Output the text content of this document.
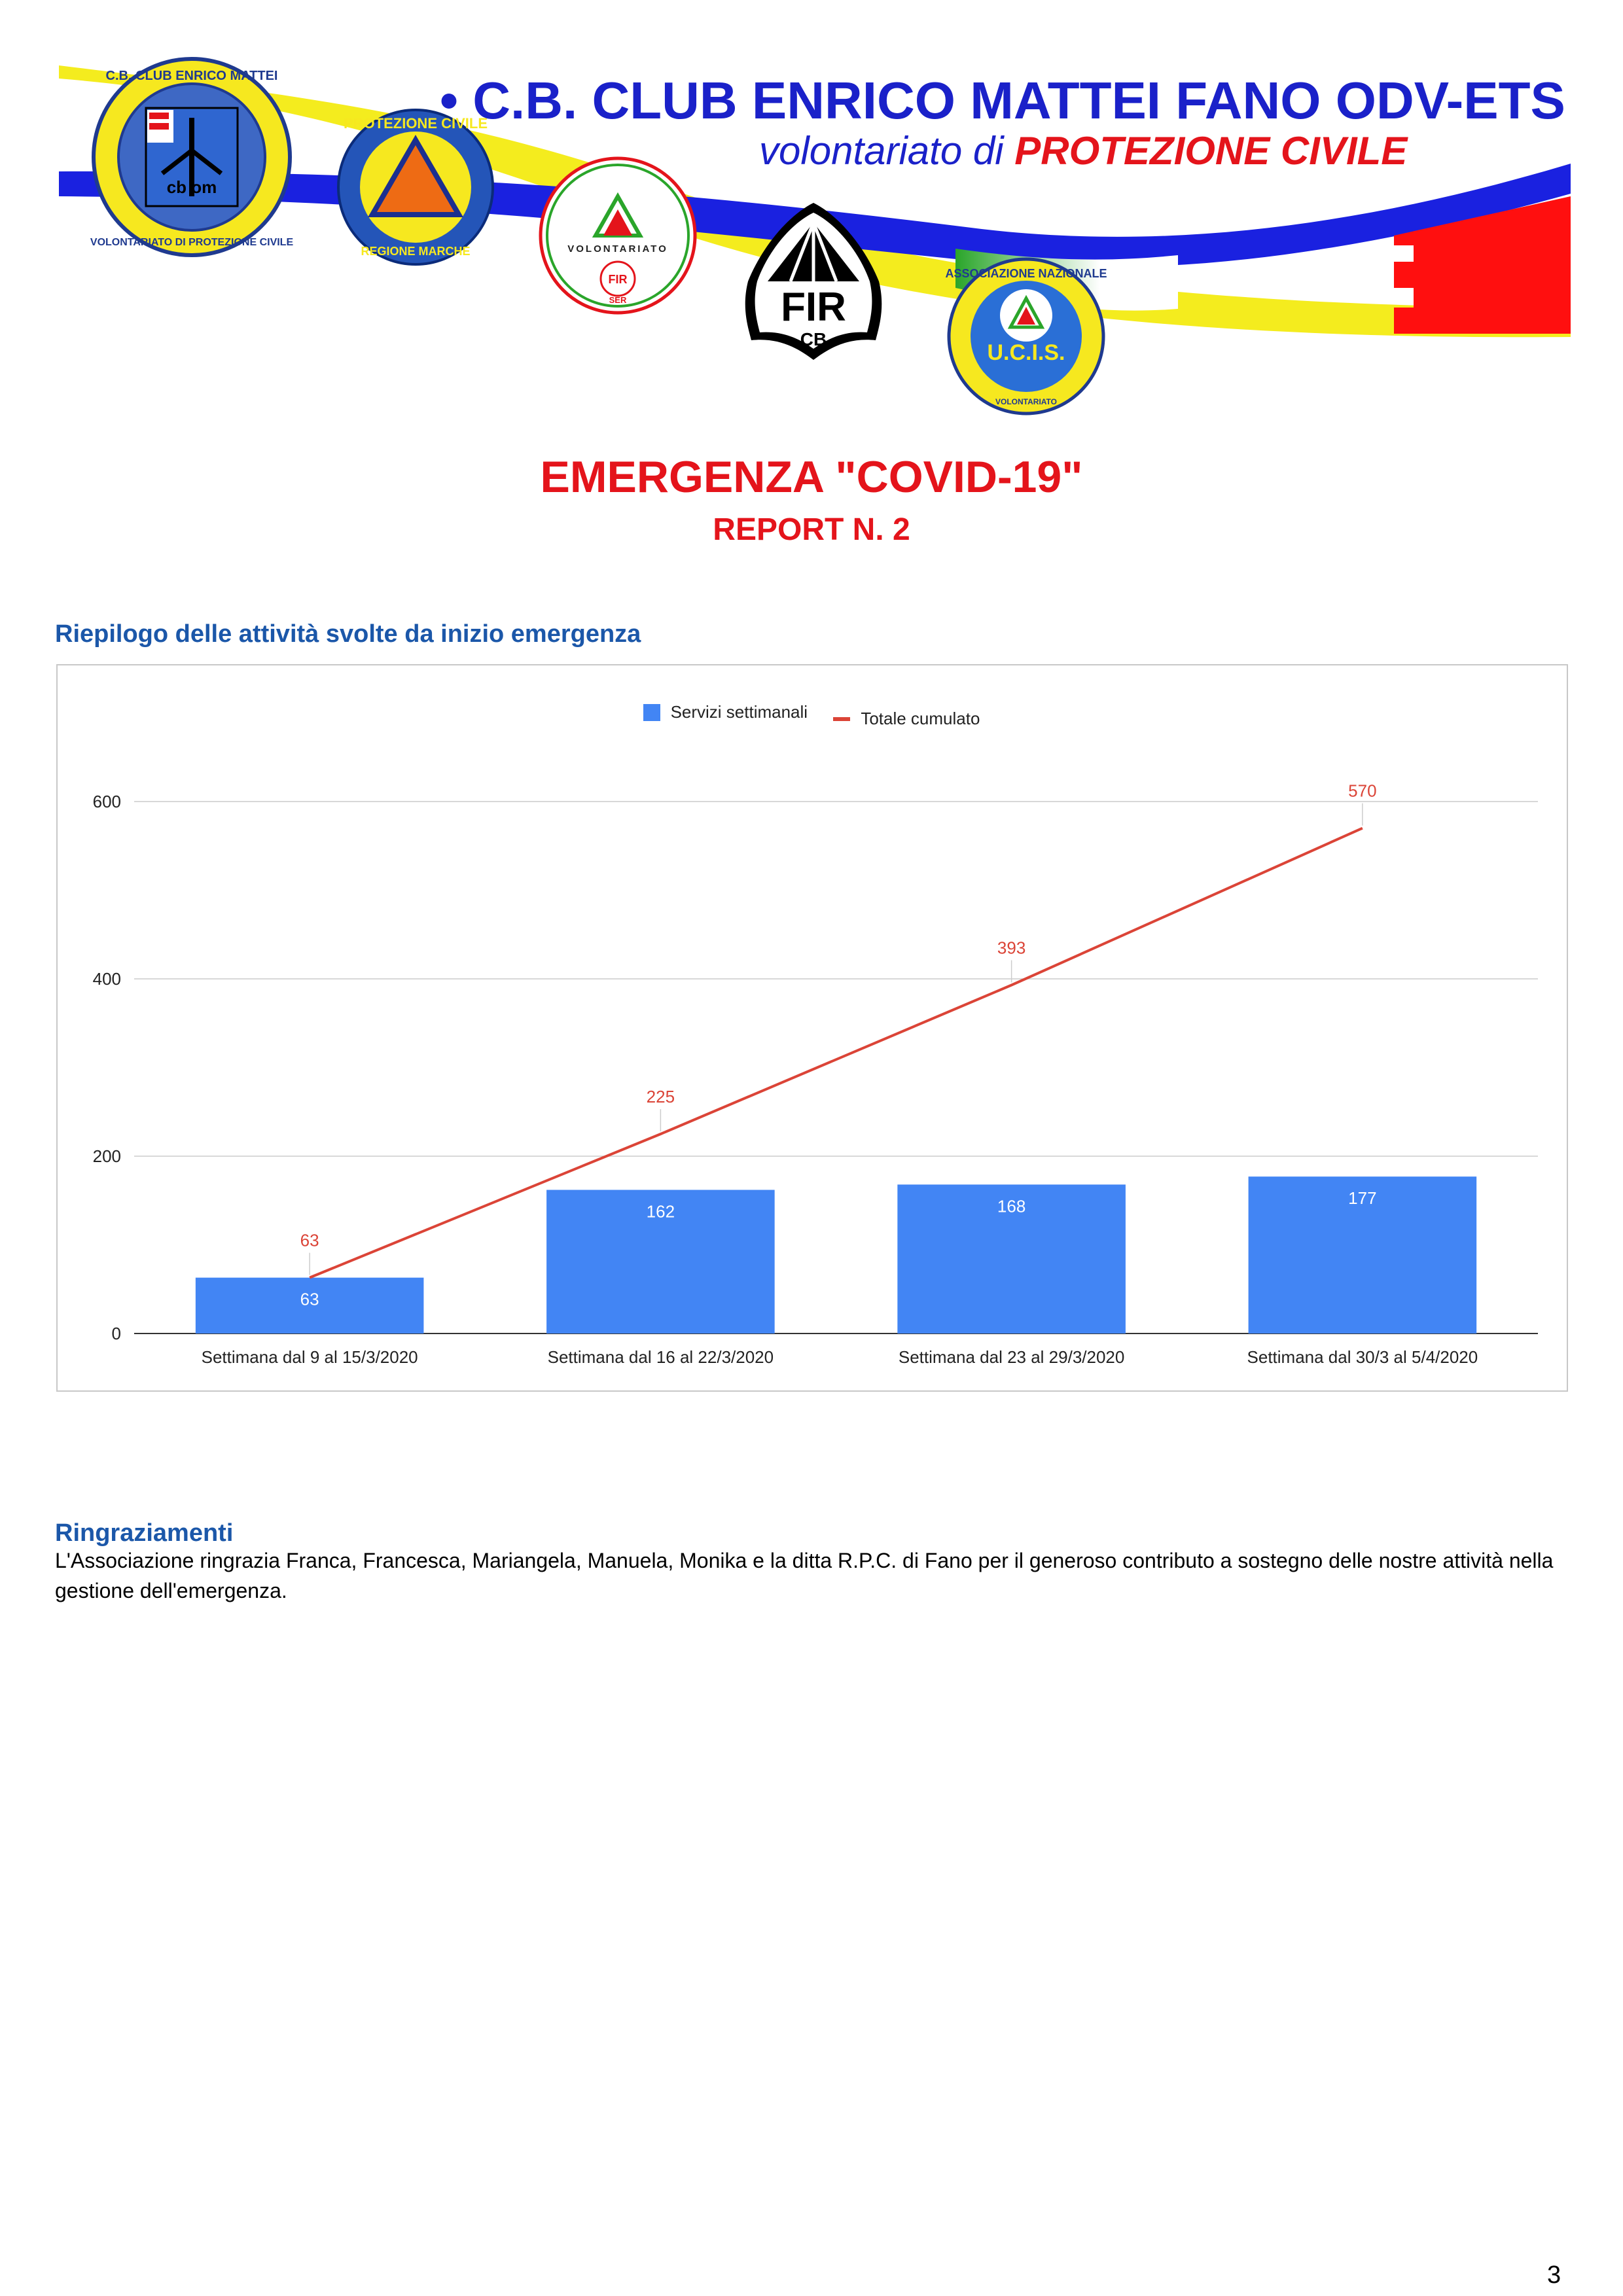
cb om
C.B. CLUB ENRICO MATTEI
VOLONTARIATO DI PROTEZIONE CIVILE
PROTEZIONE CIVILE
REGIONE MARCHE	VOLONTARIATO
FIR
SER	FIR
CB
U.C.I.S.
ASSOCIAZIONE NAZIONALE
VOLONTARIATO
• C.B. CLUB ENRICO MATTEI FANO ODV-ETS
volontariato di PROTEZIONE CIVILE
EMERGENZA "COVID-19"
REPORT N. 2
Riepilogo delle attività svolte da inizio emergenza
Servizi settimanali
	Totale cumulato
0
200
400
600
63
162	168	177
Settimana dal 9 al 15/3/2020	Settimana dal 16 al 22/3/2020	Settimana dal 23 al 29/3/2020	Settimana dal 30/3 al 5/4/2020
63
225
393
570
Ringraziamenti

L'Associazione ringrazia Franca, Francesca, Mariangela, Manuela, Monika e la ditta R.P.C. di Fano per il generoso contributo a sostegno delle nostre attività nella gestione dell'emergenza.

3
